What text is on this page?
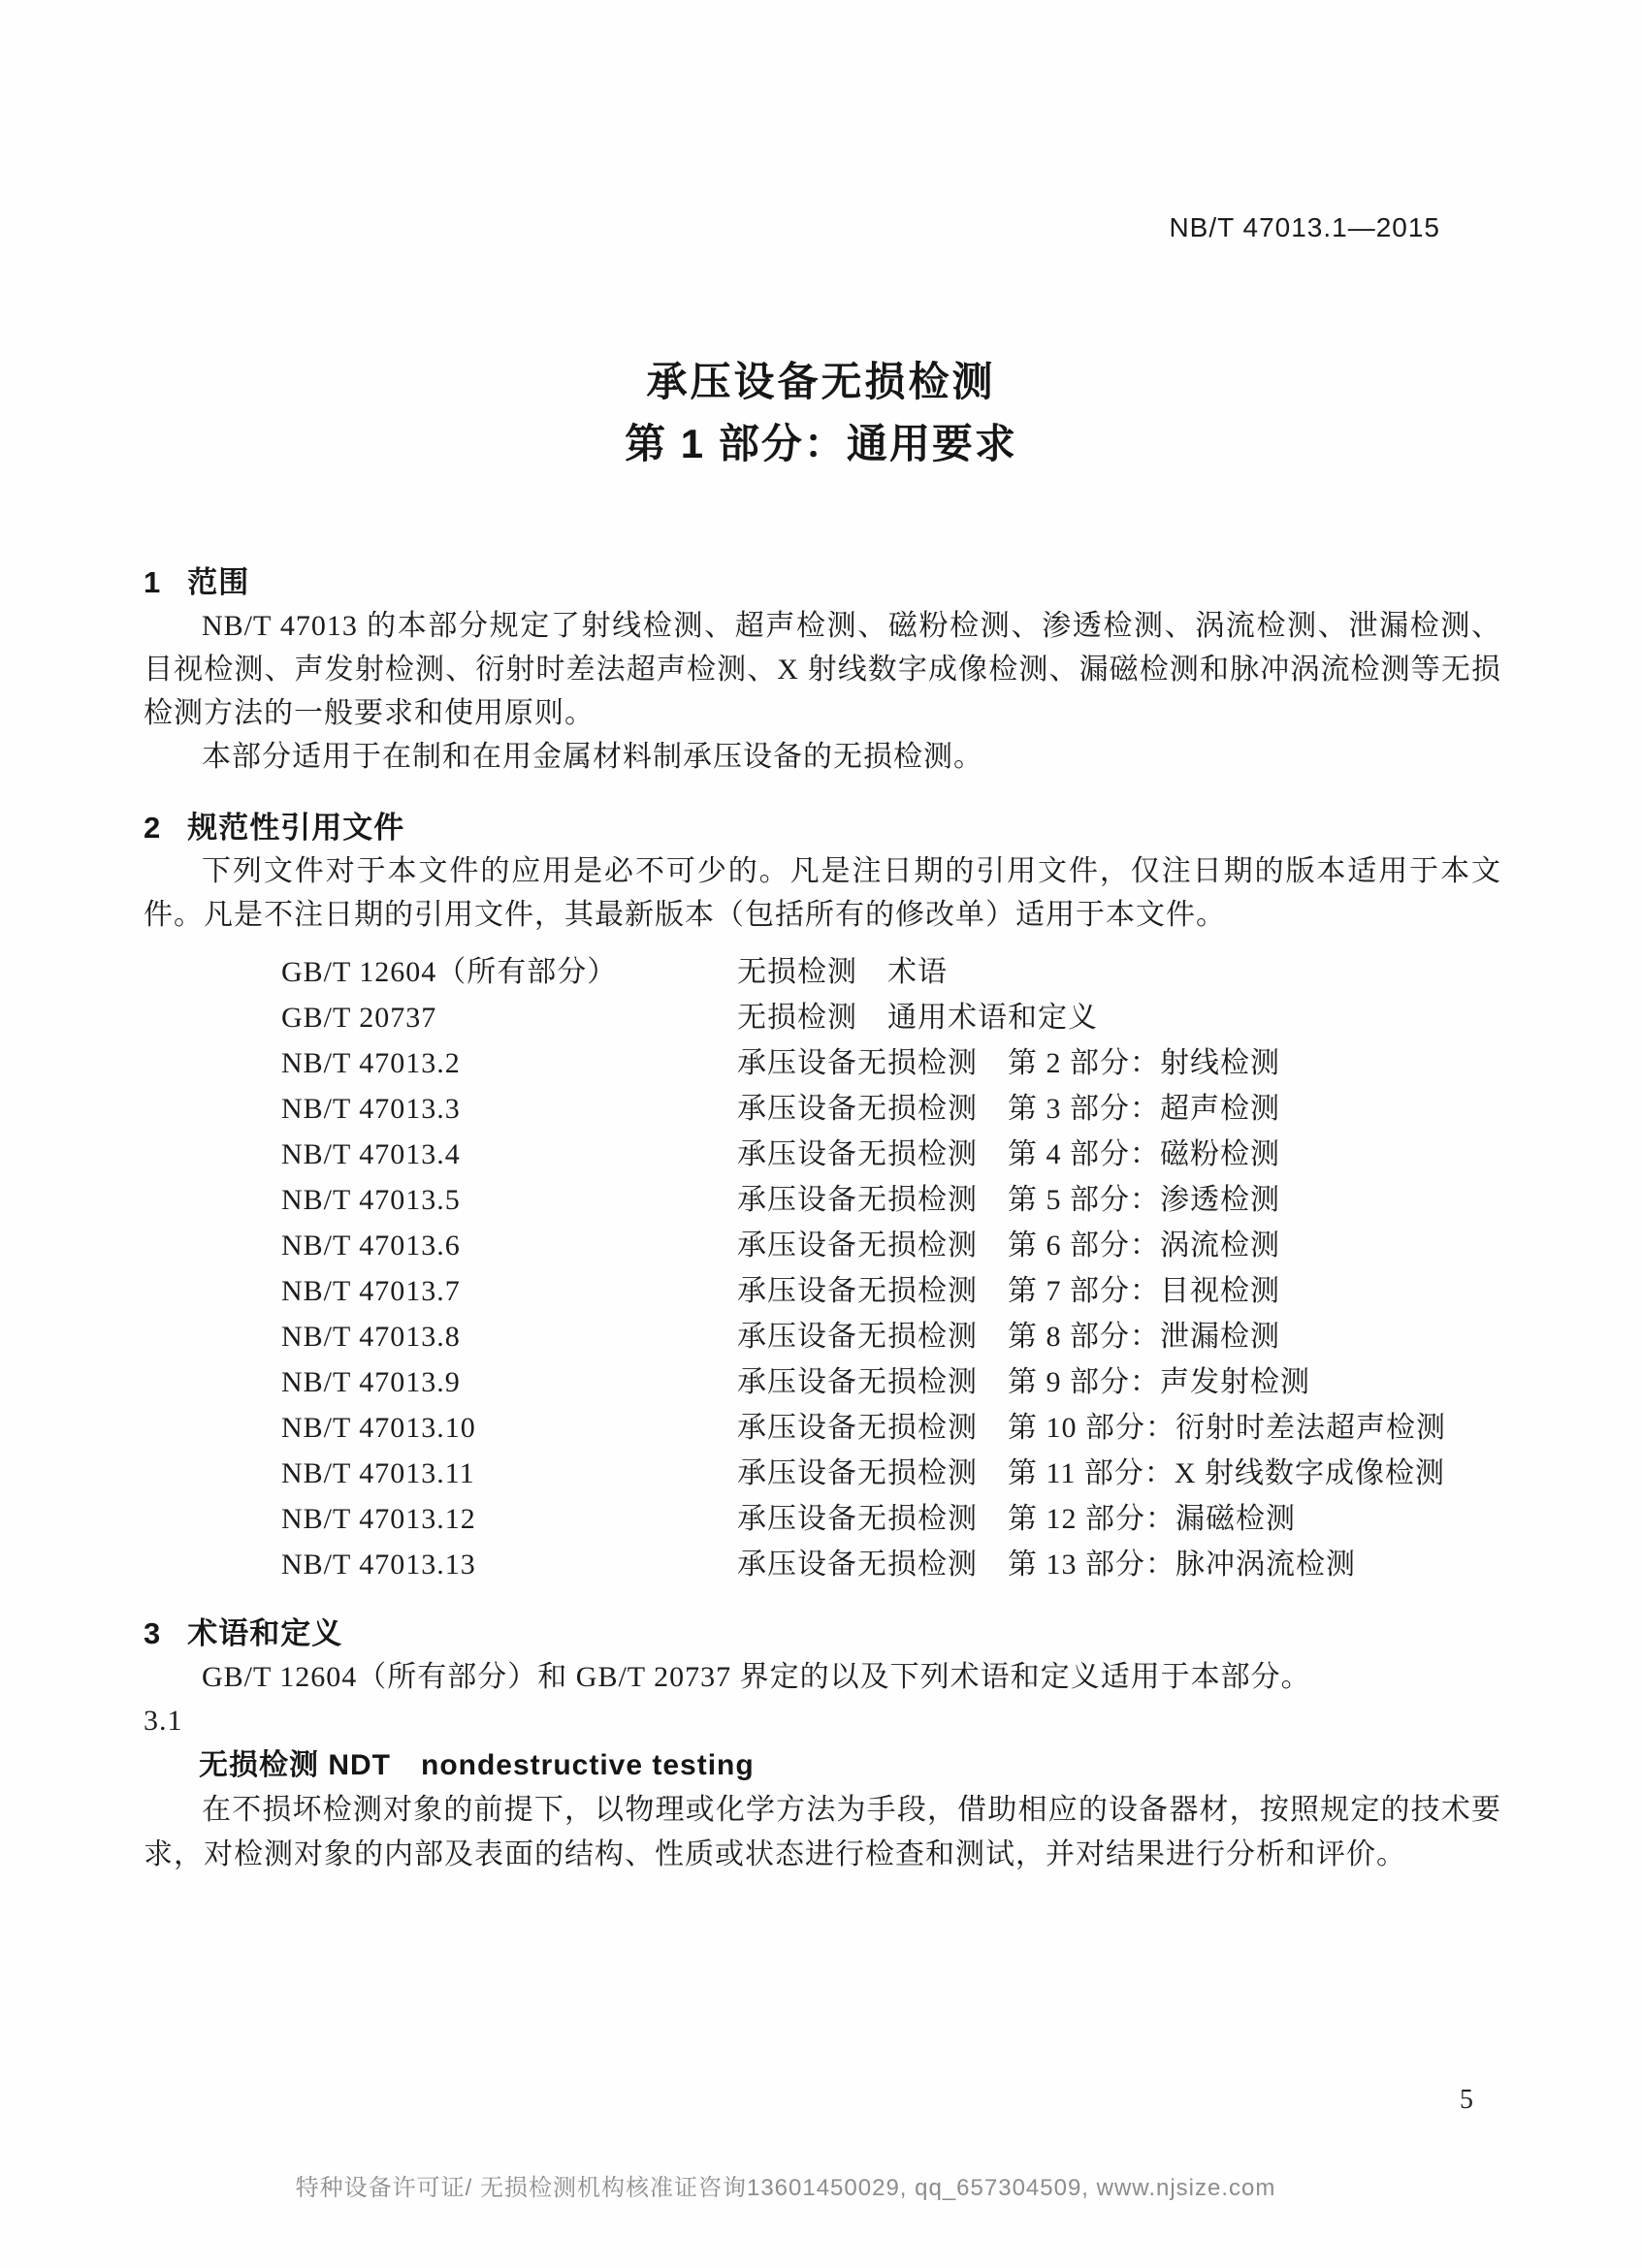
NB/T 47013.1—2015
承压设备无损检测
第 1 部分：通用要求
1 范围

NB/T 47013 的本部分规定了射线检测、超声检测、磁粉检测、渗透检测、涡流检测、泄漏检测、目视检测、声发射检测、衍射时差法超声检测、X 射线数字成像检测、漏磁检测和脉冲涡流检测等无损检测方法的一般要求和使用原则。

本部分适用于在制和在用金属材料制承压设备的无损检测。

2 规范性引用文件

下列文件对于本文件的应用是必不可少的。凡是注日期的引用文件，仅注日期的版本适用于本文件。凡是不注日期的引用文件，其最新版本（包括所有的修改单）适用于本文件。

GB/T 12604（所有部分）	无损检测　术语
GB/T 20737	无损检测　通用术语和定义
NB/T 47013.2	承压设备无损检测　第 2 部分：射线检测
NB/T 47013.3	承压设备无损检测　第 3 部分：超声检测
NB/T 47013.4	承压设备无损检测　第 4 部分：磁粉检测
NB/T 47013.5	承压设备无损检测　第 5 部分：渗透检测
NB/T 47013.6	承压设备无损检测　第 6 部分：涡流检测
NB/T 47013.7	承压设备无损检测　第 7 部分：目视检测
NB/T 47013.8	承压设备无损检测　第 8 部分：泄漏检测
NB/T 47013.9	承压设备无损检测　第 9 部分：声发射检测
NB/T 47013.10	承压设备无损检测　第 10 部分：衍射时差法超声检测
NB/T 47013.11	承压设备无损检测　第 11 部分：X 射线数字成像检测
NB/T 47013.12	承压设备无损检测　第 12 部分：漏磁检测
NB/T 47013.13	承压设备无损检测　第 13 部分：脉冲涡流检测
3 术语和定义

GB/T 12604（所有部分）和 GB/T 20737 界定的以及下列术语和定义适用于本部分。

3.1
无损检测 NDT　nondestructive testing

在不损坏检测对象的前提下，以物理或化学方法为手段，借助相应的设备器材，按照规定的技术要求，对检测对象的内部及表面的结构、性质或状态进行检查和测试，并对结果进行分析和评价。

5
特种设备许可证/ 无损检测机构核准证咨询13601450029, qq_657304509, www.njsize.com
